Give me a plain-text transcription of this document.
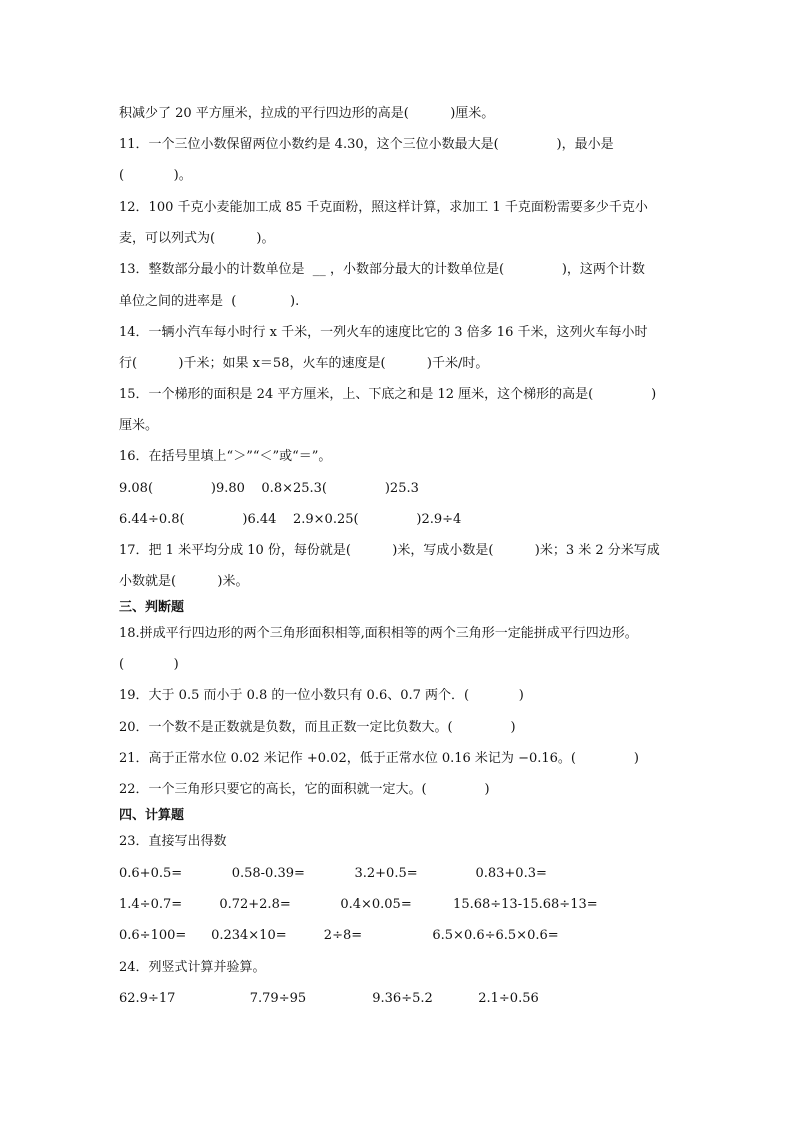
积减少了 20 平方厘米，拉成的平行四边形的高是(          )厘米。
11．一个三位小数保留两位小数约是 4.30，这个三位小数最大是(              )，最小是
(            )。
12．100 千克小麦能加工成 85 千克面粉，照这样计算，求加工 1 千克面粉需要多少千克小
麦，可以列式为(          )。
13．整数部分最小的计数单位是  __ ，小数部分最大的计数单位是(              )，这两个计数
单位之间的进率是  (             ).
14．一辆小汽车每小时行 x 千米，一列火车的速度比它的 3 倍多 16 千米，这列火车每小时
行(          )千米；如果 x＝58，火车的速度是(          )千米/时。
15．一个梯形的面积是 24 平方厘米，上、下底之和是 12 厘米，这个梯形的高是(              )
厘米。
16．在括号里填上“＞”“＜”或“＝”。
9.08(              )9.80    0.8×25.3(              )25.3
6.44÷0.8(              )6.44    2.9×0.25(              )2.9÷4
17．把 1 米平均分成 10 份，每份就是(          )米，写成小数是(          )米；3 米 2 分米写成
小数就是(          )米。
三、判断题
18.拼成平行四边形的两个三角形面积相等,面积相等的两个三角形一定能拼成平行四边形。
(            )
19．大于 0.5 而小于 0.8 的一位小数只有 0.6、0.7 两个．(            )
20．一个数不是正数就是负数，而且正数一定比负数大。(              )
21．高于正常水位 0.02 米记作 +0.02，低于正常水位 0.16 米记为 −0.16。(              )
22．一个三角形只要它的高长，它的面积就一定大。(              )
四、计算题
23．直接写出得数
0.6+0.5=            0.58-0.39=            3.2+0.5=              0.83+0.3=
1.4÷0.7=         0.72+2.8=            0.4×0.05=          15.68÷13-15.68÷13=
0.6÷100=      0.234×10=         2÷8=                 6.5×0.6÷6.5×0.6=
24．列竖式计算并验算。
62.9÷17                  7.79÷95                9.36÷5.2           2.1÷0.56
